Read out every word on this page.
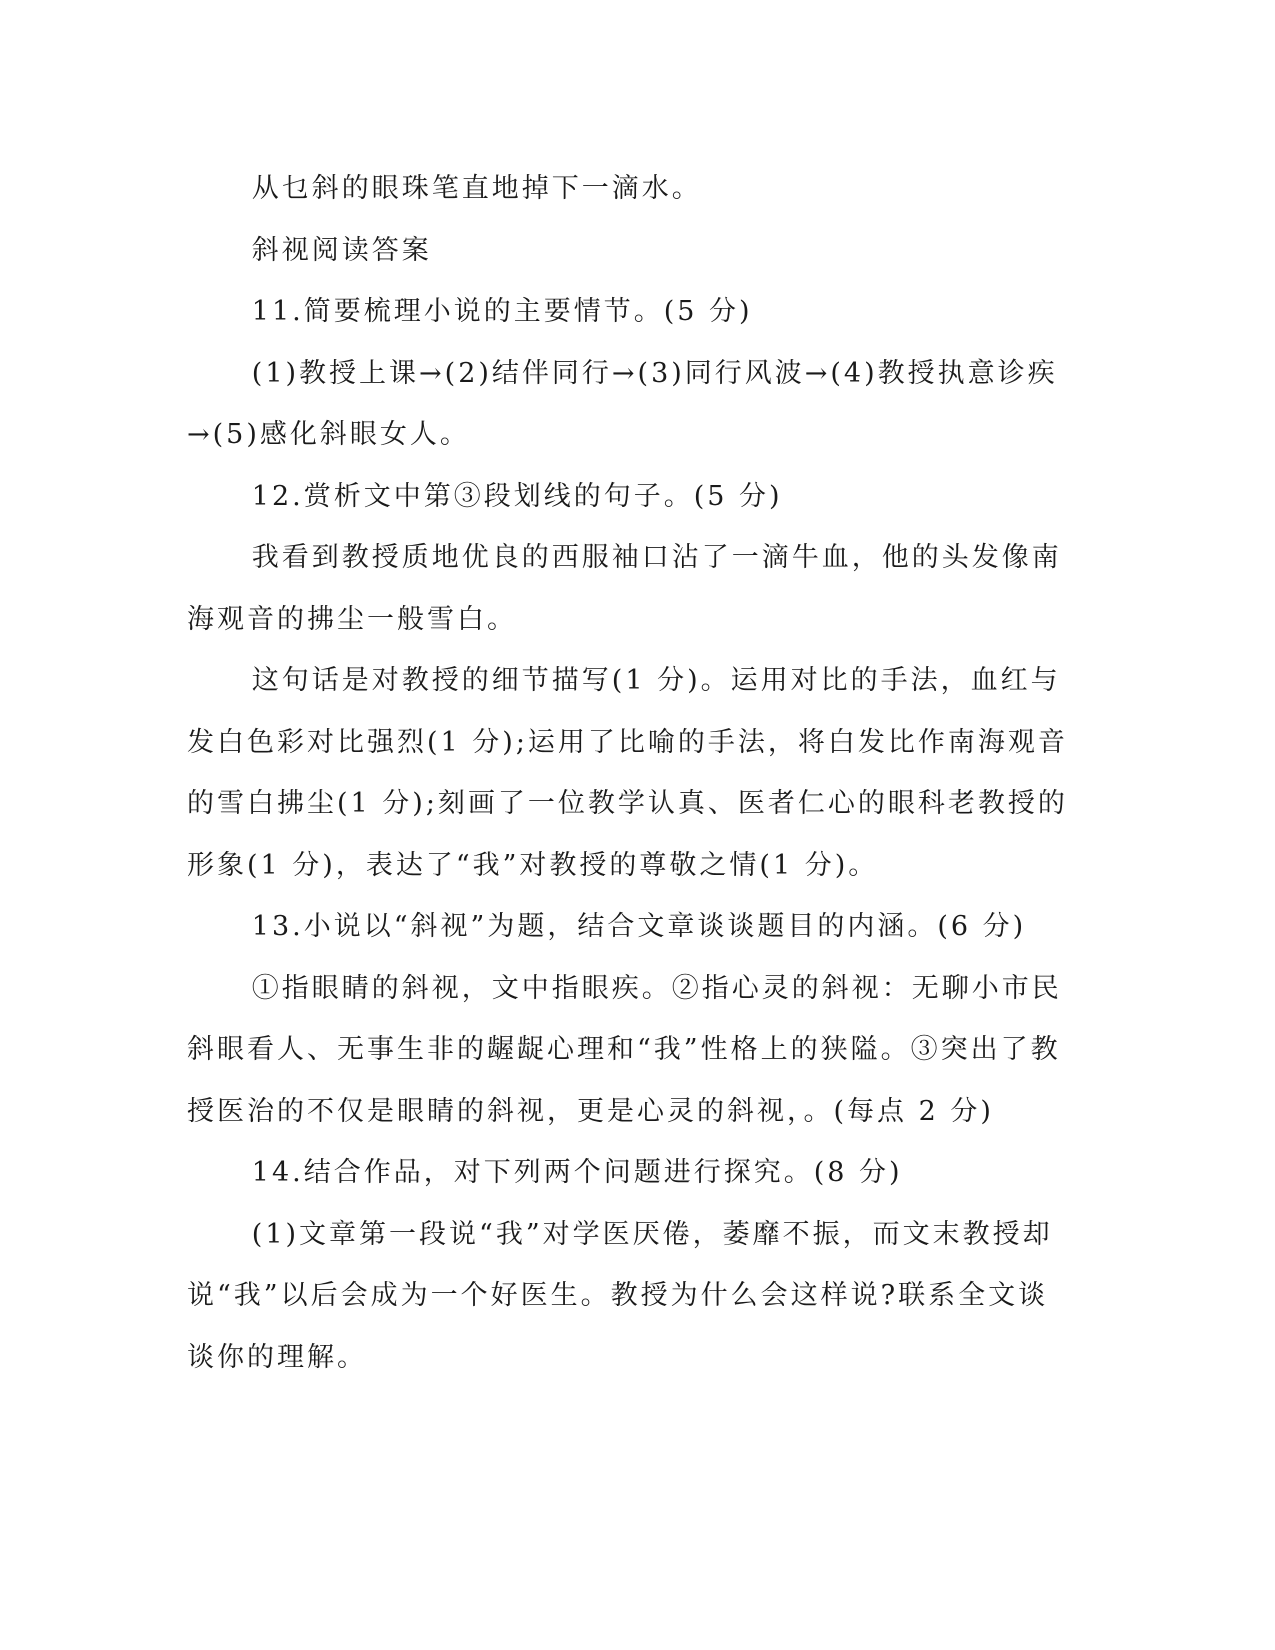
从乜斜的眼珠笔直地掉下一滴水。

斜视阅读答案

11.简要梳理小说的主要情节。(5 分)

(1)教授上课→(2)结伴同行→(3)同行风波→(4)教授执意诊疾→(5)感化斜眼女人。

12.赏析文中第③段划线的句子。(5 分)

我看到教授质地优良的西服袖口沾了一滴牛血，他的头发像南海观音的拂尘一般雪白。

这句话是对教授的细节描写(1 分)。运用对比的手法，血红与发白色彩对比强烈(1 分);运用了比喻的手法，将白发比作南海观音的雪白拂尘(1 分);刻画了一位教学认真、医者仁心的眼科老教授的形象(1 分)，表达了“我”对教授的尊敬之情(1 分)。

13.小说以“斜视”为题，结合文章谈谈题目的内涵。(6 分)

①指眼睛的斜视，文中指眼疾。②指心灵的斜视：无聊小市民斜眼看人、无事生非的龌龊心理和“我”性格上的狭隘。③突出了教授医治的不仅是眼睛的斜视，更是心灵的斜视，。(每点 2 分)

14.结合作品，对下列两个问题进行探究。(8 分)

(1)文章第一段说“我”对学医厌倦，萎靡不振，而文末教授却说“我”以后会成为一个好医生。教授为什么会这样说?联系全文谈谈你的理解。
